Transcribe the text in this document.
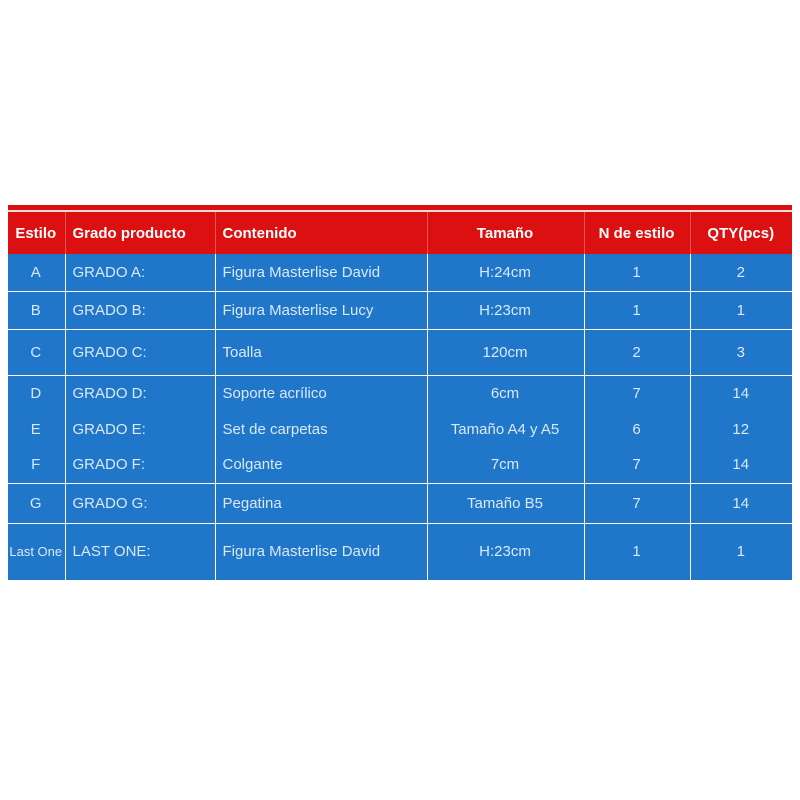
Estilo	Grado producto	Contenido	Tamaño	N de estilo	QTY(pcs)
A	GRADO A:	Figura Masterlise David	H:24cm	1	2
B	GRADO B:	Figura Masterlise Lucy	H:23cm	1	1
C	GRADO C:	Toalla	120cm	2	3
D	GRADO D:	Soporte acrílico	6cm	7	14
E	GRADO E:	Set de carpetas	Tamaño A4 y A5	6	12
F	GRADO F:	Colgante	7cm	7	14
G	GRADO G:	Pegatina	Tamaño B5	7	14
Last One	LAST ONE:	Figura Masterlise David	H:23cm	1	1
